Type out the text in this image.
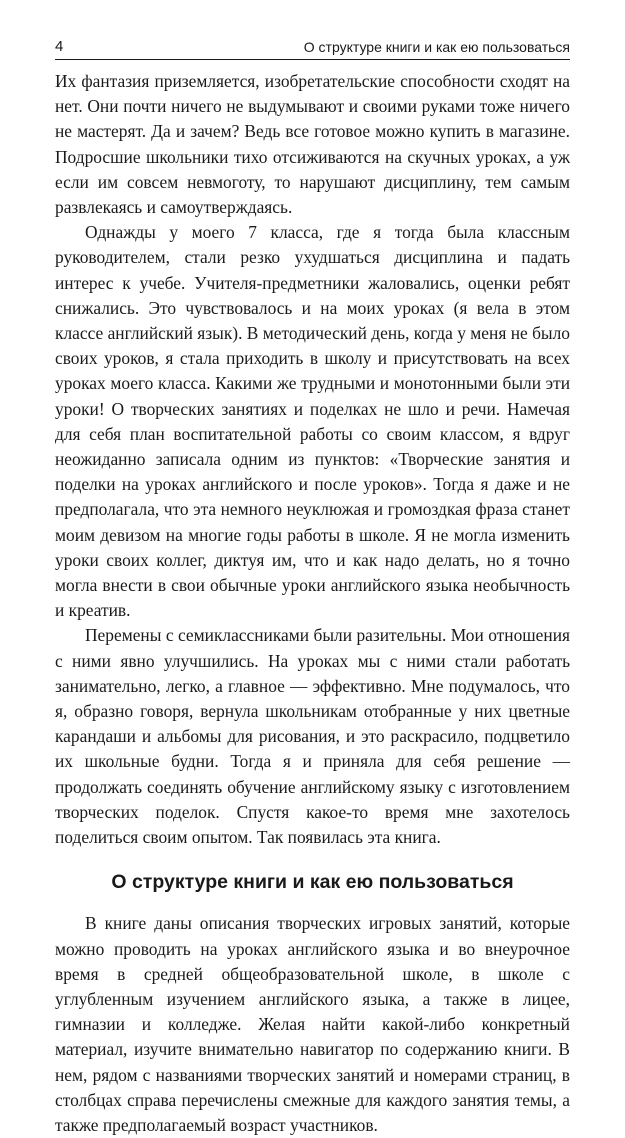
4	О структуре книги и как ею пользоваться

Их фантазия приземляется, изобретательские способности сходят на нет. Они почти ничего не выдумывают и своими руками тоже ничего не мастерят. Да и зачем? Ведь все готовое можно купить в магазине. Подросшие школьники тихо отсиживаются на скучных уроках, а уж если им совсем невмоготу, то нарушают дисциплину, тем самым развлекаясь и самоутверждаясь.

Однажды у моего 7 класса, где я тогда была классным руководителем, стали резко ухудшаться дисциплина и падать интерес к учебе. Учителя-предметники жаловались, оценки ребят снижались. Это чувствовалось и на моих уроках (я вела в этом классе английский язык). В методический день, когда у меня не было своих уроков, я стала приходить в школу и присутствовать на всех уроках моего класса. Какими же трудными и монотонными были эти уроки! О творческих занятиях и поделках не шло и речи. Намечая для себя план воспитательной работы со своим классом, я вдруг неожиданно записала одним из пунктов: «Творческие занятия и поделки на уроках английского и после уроков». Тогда я даже и не предполагала, что эта немного неуклюжая и громоздкая фраза станет моим девизом на многие годы работы в школе. Я не могла изменить уроки своих коллег, диктуя им, что и как надо делать, но я точно могла внести в свои обычные уроки английского языка необычность и креатив.

Перемены с семиклассниками были разительны. Мои отношения с ними явно улучшились. На уроках мы с ними стали работать занимательно, легко, а главное — эффективно. Мне подумалось, что я, образно говоря, вернула школьникам отобранные у них цветные карандаши и альбомы для рисования, и это раскрасило, подцветило их школьные будни. Тогда я и приняла для себя решение — продолжать соединять обучение английскому языку с изготовлением творческих поделок. Спустя какое-то время мне захотелось поделиться своим опытом. Так появилась эта книга.

О структуре книги и как ею пользоваться

В книге даны описания творческих игровых занятий, которые можно проводить на уроках английского языка и во внеурочное время в средней общеобразовательной школе, в школе с углубленным изучением английского языка, а также в лицее, гимназии и колледже. Желая найти какой-либо конкретный материал, изучите внимательно навигатор по содержанию книги. В нем, рядом с названиями творческих занятий и номерами страниц, в столбцах справа перечислены смежные для каждого занятия темы, а также предполагаемый возраст участников.
